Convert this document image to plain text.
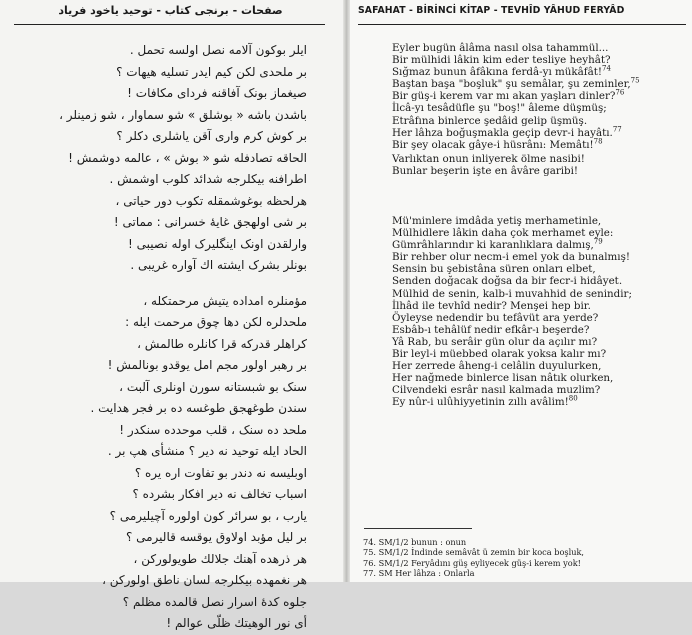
صفحات - برنجی کتاب - توحید یاخود فریاد
ایلر بوکون آلامه نصل اولسه تحمل .
بر ملحدی لکن کیم ایدر تسلیه هیهات ؟
صیغماز بونک آفاقنه فردای مکافات !
باشدن باشه « بوشلق » شو سماوار ، شو زمینلر ،
بر کوش کرم واری آقن یاشلری دکلر ؟
الحاقه تصادفله شو « بوش » ، عالمه دوشمش !
اطرافنه بیکلرجه شدائد کلوب اوشمش .
هرلحظه بوغوشمقله تکوب دور حیاتی ،
بر شی اولهجق غایهٔ خسرانی : مماتی !
وارلقدن اونک اینگلیرک اوله نصیبی !
بونلر بشرک ایشته اك آواره غریبی .
مؤمنلره امداده یتیش مرحمتکله ،
ملحدلره لکن دها چوق مرحمت ایله :
کراهلر قدرکه قرا کانلره طالمش ،
بر رهبر اولور مجم امل یوقدو بونالمش !
سنک بو شبستانه سورن اونلری آلبت ،
سندن طوغهجق طوغسه ده بر فجر هدایت .
ملحد ده سنک ، قلب موحدده سنکدر !
الحاد ایله توحید نه دیر ؟ منشأی هپ بر .
اوبلیسه نه دندر بو تفاوت اره یره ؟
اسباب تخالف نه دیر افکار بشرده ؟
یارب ، بو سرائر کون اولوره آچیلیرمی ؟
بر لیل مؤبد اولاوق یوقسه قالیرمی ؟
هر ذرهده آهنك جلالك طویولورکن ،
هر نغمهده بیکلرجه لسان ناطق اولورکن ،
جلوه کدهٔ اسرار نصل قالمده مظلم ؟
أی نور الوهیتك ظلّی عوالم !
SAFAHAT - BİRİNCİ KİTAP - TEVHÎD YÂHUD FERYÂD
Eyler bugün âlâma nasıl olsa tahammül...
Bir mülhidi lâkin kim eder tesliye heyhât?
Sığmaz bunun âfâkına ferdâ-yı mükâfât!$^{74}$
Baştan başa "boşluk" şu semâlar, şu zeminler,$^{75}$
Bir güş-i kerem var mı akan yaşları dinler?$^{76}$
İlcâ-yı tesâdüfle şu "boş!" âleme düşmüş;
Etrâfına binlerce şedâid gelip üşmüş.
Her lâhza boğuşmakla geçip devr-i hayâtı.$^{77}$
Bir şey olacak gâye-i hüsrânı: Memâtı!$^{78}$
Varlıktan onun inliyerek ölme nasibi!
Bunlar beşerin işte en âvâre garibi!
Mü'minlere imdâda yetiş merhametinle,
Mülhidlere lâkin daha çok merhamet eyle:
Gümrâhlarındır ki karanlıklara dalmış,$^{79}$
Bir rehber olur necm-i emel yok da bunalmış!
Sensin bu şebistâna süren onları elbet,
Senden doğacak doğsa da bir fecr-i hidâyet.
Mülhid de senin, kalb-i muvahhid de senindir;
İlhâd ile tevhîd nedir? Menşei hep bir.
Öyleyse nedendir bu tefâvüt ara yerde?
Esbâb-ı tehâlüf nedir efkâr-ı beşerde?
Yâ Rab, bu serâir gün olur da açılır mı?
Bir leyl-i müebbed olarak yoksa kalır mı?
Her zerrede âheng-i celâlin duyulurken,
Her nağmede binlerce lisan nâtık olurken,
Cilvendeki esrâr nasıl kalmada muzlim?
Ey nûr-i ulûhiyyetinin zıllı avâlim!$^{80}$
74. SM/1/2 bunun : onun
75. SM/1/2 İndinde semâvât ü zemin bir koca boşluk,
76. SM/1/2 Feryâdını güş eyliyecek güş-i kerem yok!
77. SM Her lâhza : Onlarla
